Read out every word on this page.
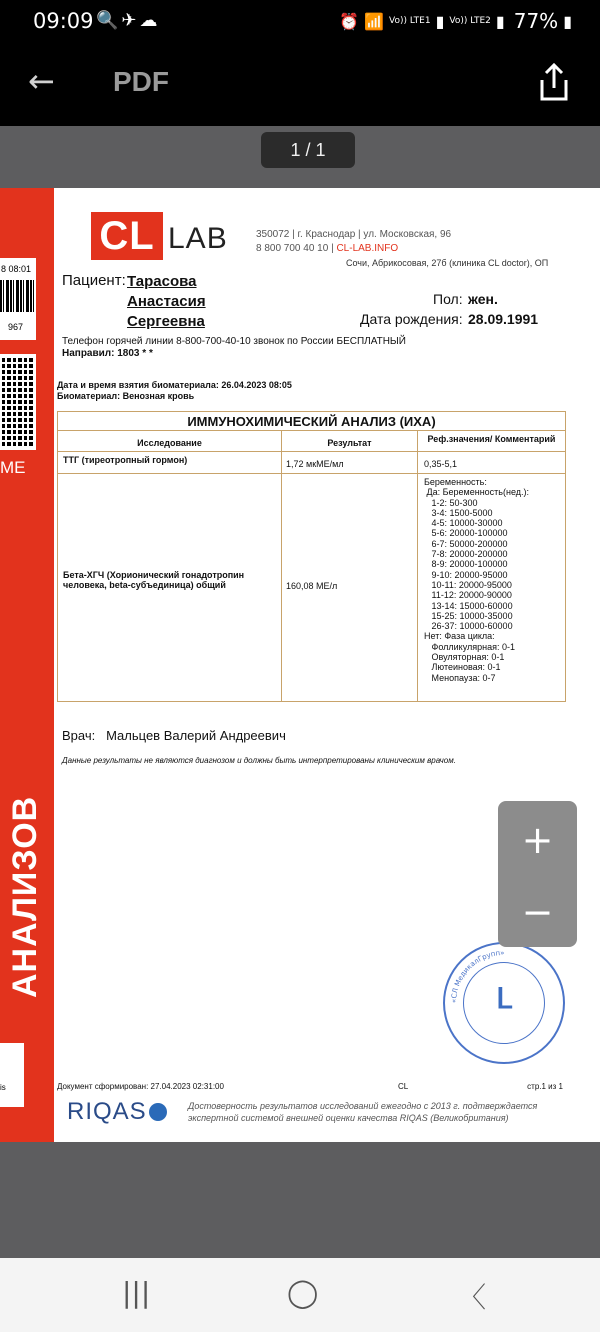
09:09 🔍✈☁	⏰ 📶 Vo)) LTE1 ▮ Vo)) LTE2 ▮ 77% ▮
← PDF
1 / 1
8 08:01
967
ME
АНАЛИЗОВ
is
CL LAB	350072 | г. Краснодар | ул. Московская, 96
8 800 700 40 10 | CL-LAB.INFO
Сочи, Абрикосовая, 27б (клиника CL doctor), ОП
Пациент: Тарасова
Анастасия
Сергеевна
Пол: жен.
Дата рождения: 28.09.1991
Телефон горячей линии 8-800-700-40-10 звонок по России БЕСПЛАТНЫЙ
Направил: 1803 * *
Дата и время взятия биоматериала: 26.04.2023 08:05
Биоматериал: Венозная кровь
ИММУНОХИМИЧЕСКИЙ АНАЛИЗ (ИХА)
Исследование	Результат	Реф.значения/ Комментарий
ТТГ (тиреотропный гормон)	1,72 мкМЕ/мл	0,35-5,1
Бета-ХГЧ (Хорионический гонадотропин человека, beta-субъединица) общий	160,08 МЕ/л
Беременность:
Да: Беременность(нед.):
1-2: 50-300
3-4: 1500-5000
4-5: 10000-30000
5-6: 20000-100000
6-7: 50000-200000
7-8: 20000-200000
8-9: 20000-100000
9-10: 20000-95000
10-11: 20000-95000
11-12: 20000-90000
13-14: 15000-60000
15-25: 10000-35000
26-37: 10000-60000
Нет: Фаза цикла:
Фолликулярная: 0-1
Овуляторная: 0-1
Лютеиновая: 0-1
Менопауза: 0-7
Врач: Мальцев Валерий Андреевич
Данные результаты не являются диагнозом и должны быть интерпретированы клиническим врачом.
ᒪ
«СЛ МедикалГрупп»
Документ сформирован: 27.04.2023 02:31:00	CL	стр.1 из 1
RIQAS	Достоверность результатов исследований ежегодно с 2013 г. подтверждается экспертной системой внешней оценки качества RIQAS (Великобритания)
+
−
|||	◯	〈
